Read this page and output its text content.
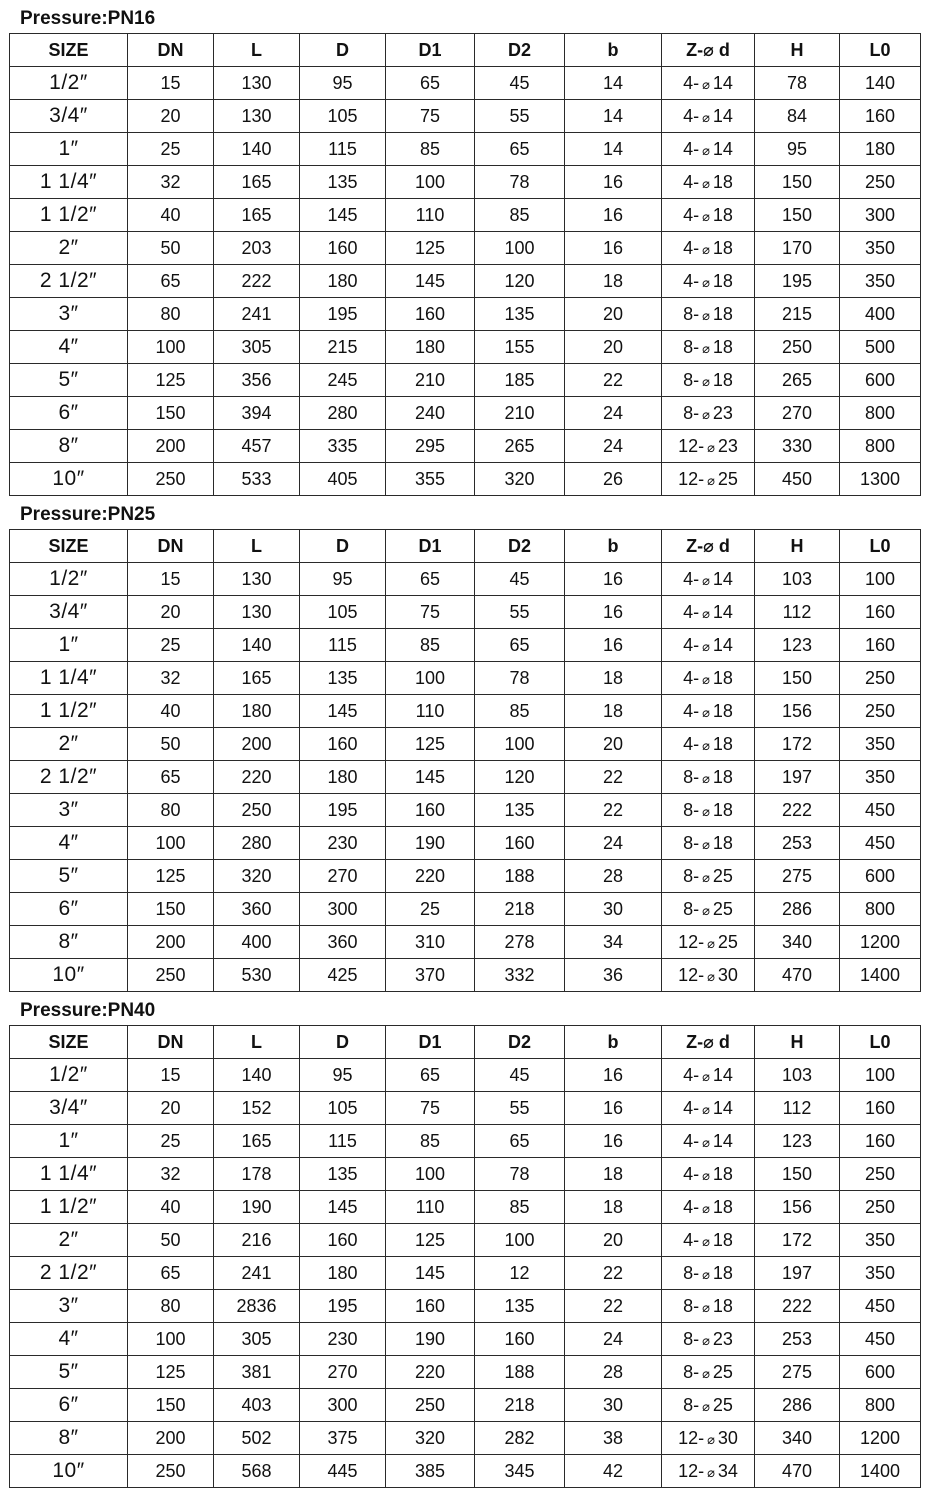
Pressure:PN16
SIZE	DN	L	D	D1	D2	b	Z-⌀ d	H	L0
1/2″	15	130	95	65	45	14	4- ⌀ 14	78	140
3/4″	20	130	105	75	55	14	4- ⌀ 14	84	160
1″	25	140	115	85	65	14	4- ⌀ 14	95	180
1 1/4″	32	165	135	100	78	16	4- ⌀ 18	150	250
1 1/2″	40	165	145	110	85	16	4- ⌀ 18	150	300
2″	50	203	160	125	100	16	4- ⌀ 18	170	350
2 1/2″	65	222	180	145	120	18	4- ⌀ 18	195	350
3″	80	241	195	160	135	20	8- ⌀ 18	215	400
4″	100	305	215	180	155	20	8- ⌀ 18	250	500
5″	125	356	245	210	185	22	8- ⌀ 18	265	600
6″	150	394	280	240	210	24	8- ⌀ 23	270	800
8″	200	457	335	295	265	24	12- ⌀ 23	330	800
10″	250	533	405	355	320	26	12- ⌀ 25	450	1300
Pressure:PN25
SIZE	DN	L	D	D1	D2	b	Z-⌀ d	H	L0
1/2″	15	130	95	65	45	16	4- ⌀ 14	103	100
3/4″	20	130	105	75	55	16	4- ⌀ 14	112	160
1″	25	140	115	85	65	16	4- ⌀ 14	123	160
1 1/4″	32	165	135	100	78	18	4- ⌀ 18	150	250
1 1/2″	40	180	145	110	85	18	4- ⌀ 18	156	250
2″	50	200	160	125	100	20	4- ⌀ 18	172	350
2 1/2″	65	220	180	145	120	22	8- ⌀ 18	197	350
3″	80	250	195	160	135	22	8- ⌀ 18	222	450
4″	100	280	230	190	160	24	8- ⌀ 18	253	450
5″	125	320	270	220	188	28	8- ⌀ 25	275	600
6″	150	360	300	25	218	30	8- ⌀ 25	286	800
8″	200	400	360	310	278	34	12- ⌀ 25	340	1200
10″	250	530	425	370	332	36	12- ⌀ 30	470	1400
Pressure:PN40
SIZE	DN	L	D	D1	D2	b	Z-⌀ d	H	L0
1/2″	15	140	95	65	45	16	4- ⌀ 14	103	100
3/4″	20	152	105	75	55	16	4- ⌀ 14	112	160
1″	25	165	115	85	65	16	4- ⌀ 14	123	160
1 1/4″	32	178	135	100	78	18	4- ⌀ 18	150	250
1 1/2″	40	190	145	110	85	18	4- ⌀ 18	156	250
2″	50	216	160	125	100	20	4- ⌀ 18	172	350
2 1/2″	65	241	180	145	12	22	8- ⌀ 18	197	350
3″	80	2836	195	160	135	22	8- ⌀ 18	222	450
4″	100	305	230	190	160	24	8- ⌀ 23	253	450
5″	125	381	270	220	188	28	8- ⌀ 25	275	600
6″	150	403	300	250	218	30	8- ⌀ 25	286	800
8″	200	502	375	320	282	38	12- ⌀ 30	340	1200
10″	250	568	445	385	345	42	12- ⌀ 34	470	1400
